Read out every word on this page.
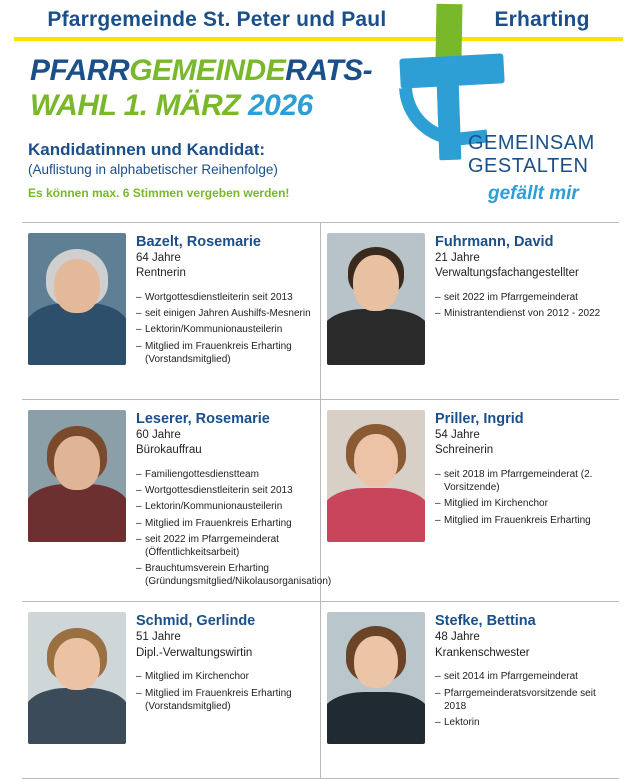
Pfarrgemeinde St. Peter und Paul	Erharting
PFARRGEMEINDERATS-
WAHL 1. MÄRZ 2026
GEMEINSAM
GESTALTEN
gefällt mir
Kandidatinnen und Kandidat:
(Auflistung in alphabetischer Reihenfolge)
Es können max. 6 Stimmen vergeben werden!
Bazelt, Rosemarie
64 Jahre
Rentnerin
– Wortgottesdienstleiterin seit 2013
– seit einigen Jahren Aushilfs-Mesnerin
– Lektorin/Kommunionausteilerin
– Mitglied im Frauenkreis Erharting (Vorstandsmitglied)
Fuhrmann, David
21 Jahre
Verwaltungsfachangestellter
– seit 2022 im Pfarrgemeinderat
– Ministrantendienst von 2012 - 2022
Leserer, Rosemarie
60 Jahre
Bürokauffrau
– Familiengottesdienstteam
– Wortgottesdienstleiterin seit 2013
– Lektorin/Kommunionausteilerin
– Mitglied im Frauenkreis Erharting
– seit 2022 im Pfarrgemeinderat (Öffentlichkeitsarbeit)
– Brauchtumsverein Erharting (Gründungsmitglied/Nikolausorganisation)
Priller, Ingrid
54 Jahre
Schreinerin
– seit 2018 im Pfarrgemeinderat (2. Vorsitzende)
– Mitglied im Kirchenchor
– Mitglied im Frauenkreis Erharting
Schmid, Gerlinde
51 Jahre
Dipl.-Verwaltungswirtin
– Mitglied im Kirchenchor
– Mitglied im Frauenkreis Erharting (Vorstandsmitglied)
Stefke, Bettina
48 Jahre
Krankenschwester
– seit 2014 im Pfarrgemeinderat
– Pfarrgemeinderatsvorsitzende seit 2018
– Lektorin
